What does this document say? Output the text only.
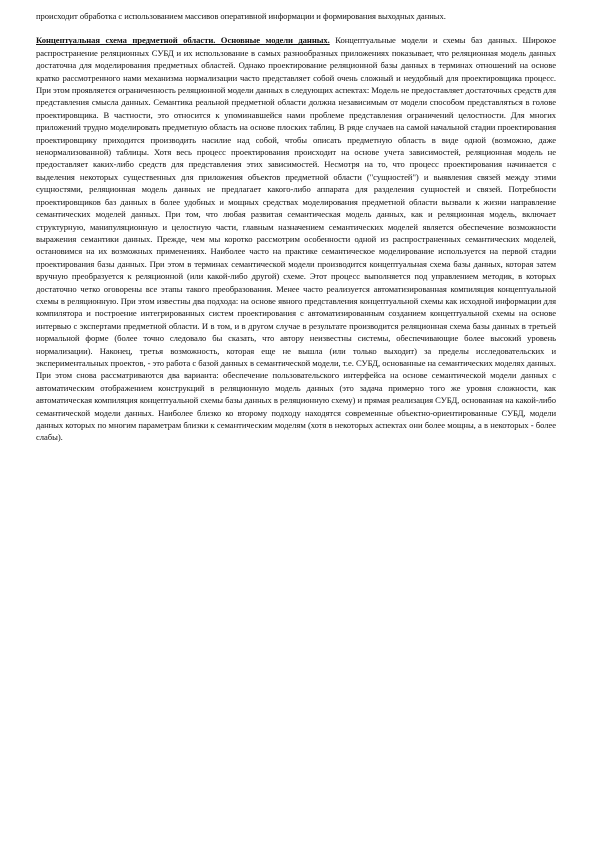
происходит обработка с использованием массивов оперативной информации и формирования выходных данных.

Концептуальная схема предметной области. Основные модели данных. Концептуальные модели и схемы баз данных. Широкое распространение реляционных СУБД и их использование в самых разнообразных приложениях показывает, что реляционная модель данных достаточна для моделирования предметных областей. Однако проектирование реляционной базы данных в терминах отношений на основе кратко рассмотренного нами механизма нормализации часто представляет собой очень сложный и неудобный для проектировщика процесс. При этом проявляется ограниченность реляционной модели данных в следующих аспектах: Модель не предоставляет достаточных средств для представления смысла данных. Семантика реальной предметной области должна независимым от модели способом представляться в голове проектировщика. В частности, это относится к упоминавшейся нами проблеме представления ограничений целостности. Для многих приложений трудно моделировать предметную область на основе плоских таблиц. В ряде случаев на самой начальной стадии проектирования проектировщику приходится производить насилие над собой, чтобы описать предметную область в виде одной (возможно, даже ненормализованной) таблицы. Хотя весь процесс проектирования происходит на основе учета зависимостей, реляционная модель не предоставляет каких-либо средств для представления этих зависимостей. Несмотря на то, что процесс проектирования начинается с выделения некоторых существенных для приложения объектов предметной области ("сущностей") и выявления связей между этими сущностями, реляционная модель данных не предлагает какого-либо аппарата для разделения сущностей и связей. Потребности проектировщиков баз данных в более удобных и мощных средствах моделирования предметной области вызвали к жизни направление семантических моделей данных. При том, что любая развитая семантическая модель данных, как и реляционная модель, включает структурную, манипуляционную и целостную части, главным назначением семантических моделей является обеспечение возможности выражения семантики данных. Прежде, чем мы коротко рассмотрим особенности одной из распространенных семантических моделей, остановимся на их возможных применениях. Наиболее часто на практике семантическое моделирование используется на первой стадии проектирования базы данных. При этом в терминах семантической модели производится концептуальная схема базы данных, которая затем вручную преобразуется к реляционной (или какой-либо другой) схеме. Этот процесс выполняется под управлением методик, в которых достаточно четко оговорены все этапы такого преобразования. Менее часто реализуется автоматизированная компиляция концептуальной схемы в реляционную. При этом известны два подхода: на основе явного представления концептуальной схемы как исходной информации для компилятора и построение интегрированных систем проектирования с автоматизированным созданием концептуальной схемы на основе интервью с экспертами предметной области. И в том, и в другом случае в результате производится реляционная схема базы данных в третьей нормальной форме (более точно следовало бы сказать, что автору неизвестны системы, обеспечивающие более высокий уровень нормализации). Наконец, третья возможность, которая еще не вышла (или только выходит) за пределы исследовательских и экспериментальных проектов, - это работа с базой данных в семантической модели, т.е. СУБД, основанные на семантических моделях данных. При этом снова рассматриваются два варианта: обеспечение пользовательского интерфейса на основе семантической модели данных с автоматическим отображением конструкций в реляционную модель данных (это задача примерно того же уровня сложности, как автоматическая компиляция концептуальной схемы базы данных в реляционную схему) и прямая реализация СУБД, основанная на какой-либо семантической модели данных. Наиболее близко ко второму подходу находятся современные объектно-ориентированные СУБД, модели данных которых по многим параметрам близки к семантическим моделям (хотя в некоторых аспектах они более мощны, а в некоторых - более слабы).
